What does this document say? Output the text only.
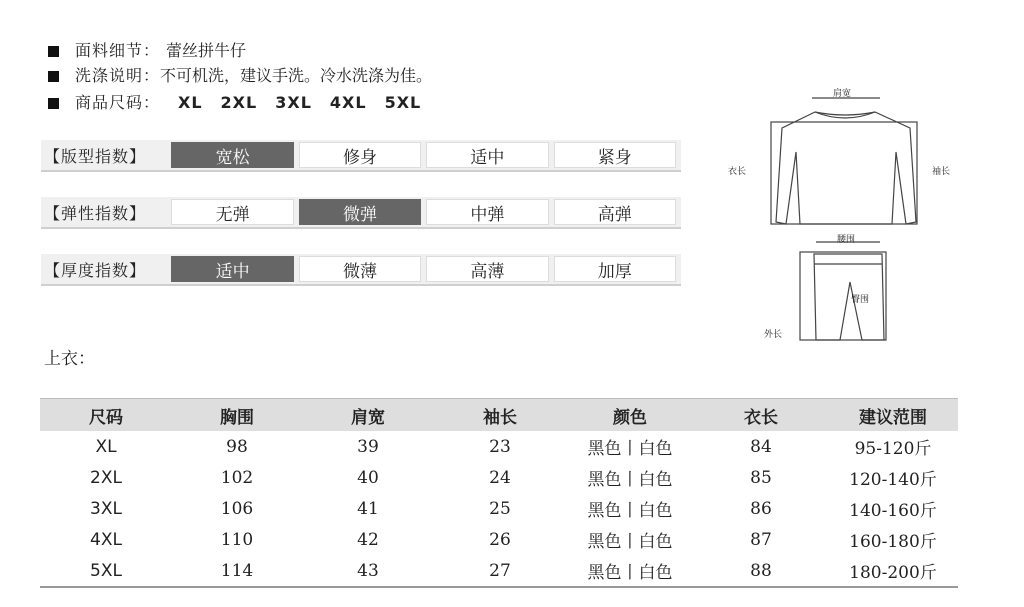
面料细节： 蕾丝拼牛仔
洗涤说明：不可机洗，建议手洗。冷水洗涤为佳。
商品尺码： XL 2XL 3XL 4XL 5XL
【版型指数】	宽松	修身	适中	紧身
【弹性指数】	无弹	微弹	中弹	高弹
【厚度指数】	适中	微薄	高薄	加厚
肩宽
衣长	袖长
腰围
臀围
外长
上衣：
尺码	胸围	肩宽	袖长	颜色	衣长	建议范围
XL	98	39	23	黑色丨白色	84	95-120斤
2XL	102	40	24	黑色丨白色	85	120-140斤
3XL	106	41	25	黑色丨白色	86	140-160斤
4XL	110	42	26	黑色丨白色	87	160-180斤
5XL	114	43	27	黑色丨白色	88	180-200斤
